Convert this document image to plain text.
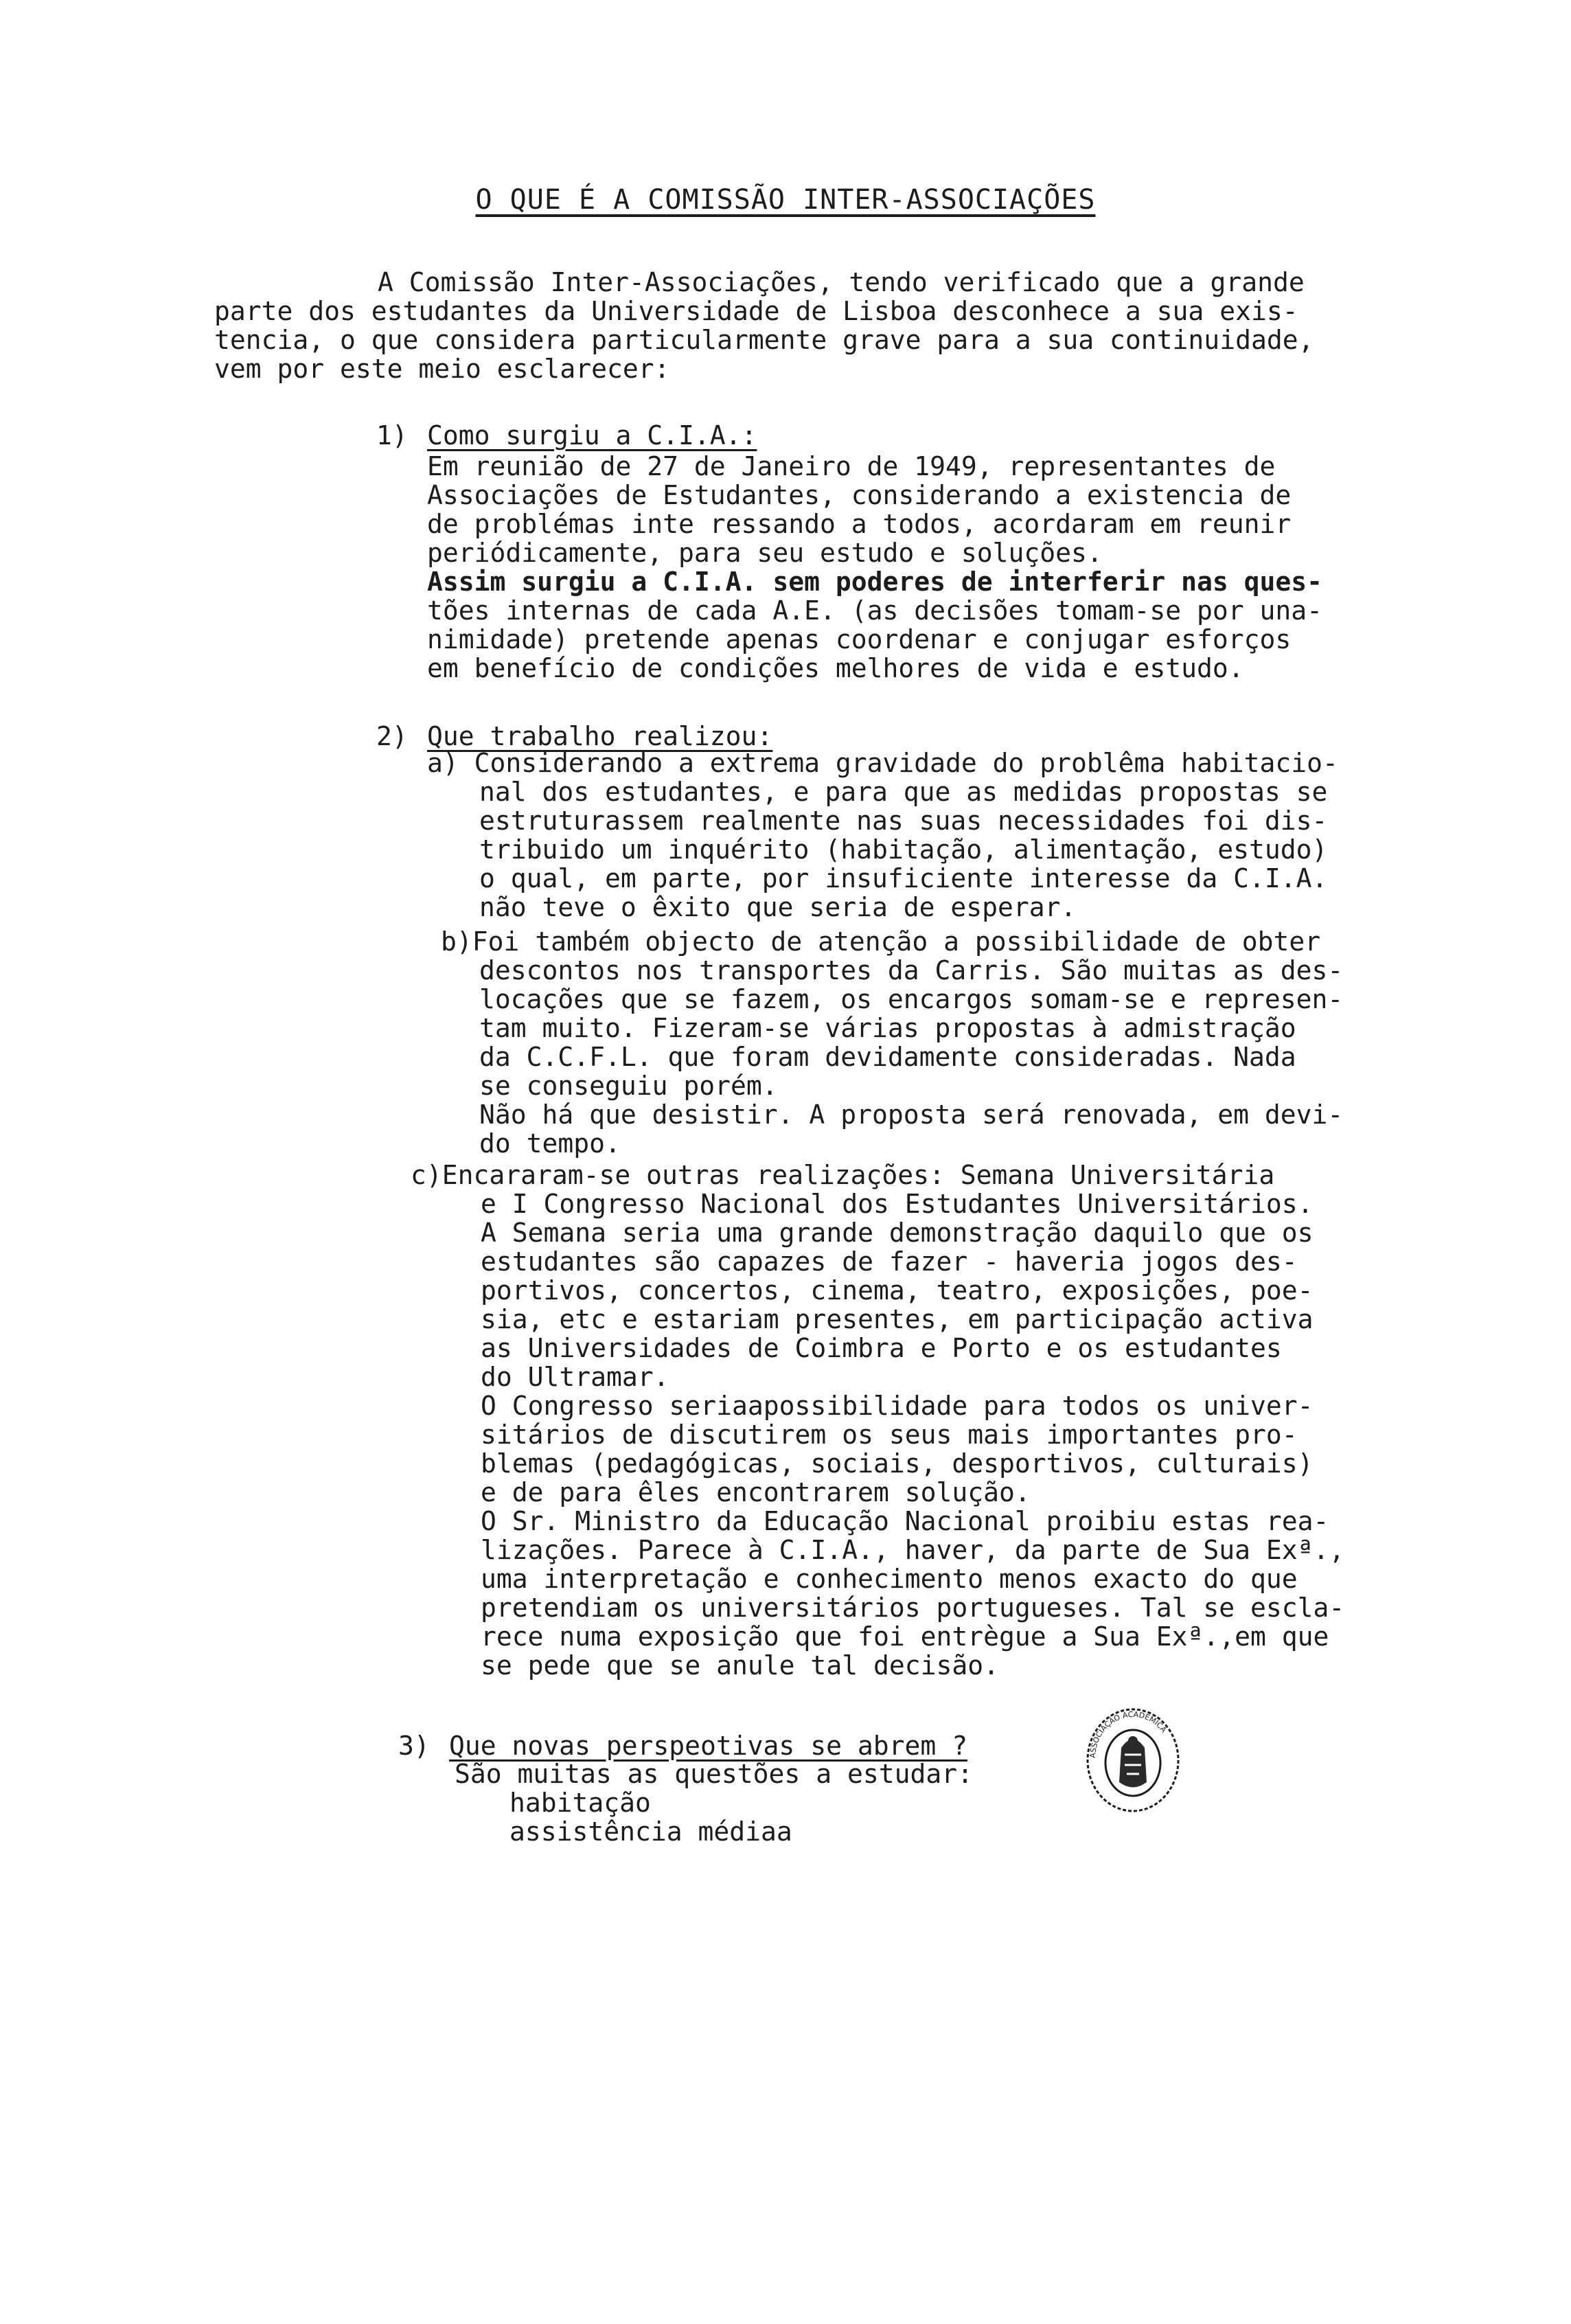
O QUE É A COMISSÃO INTER-ASSOCIAÇÕES
A Comissão Inter-Associações, tendo verificado que a grande
parte dos estudantes da Universidade de Lisboa desconhece a sua exis-
tencia, o que considera particularmente grave para a sua continuidade,
vem por este meio esclarecer:
1) Como surgiu a C.I.A.:
Em reunião de 27 de Janeiro de 1949, representantes de
Associações de Estudantes, considerando a existencia de
de problémas inte ressando a todos, acordaram em reunir
periódicamente, para seu estudo e soluções.
Assim surgiu a C.I.A. sem poderes de interferir nas ques-
tões internas de cada A.E. (as decisões tomam-se por una-
nimidade) pretende apenas coordenar e conjugar esforços
em benefício de condições melhores de vida e estudo.
2) Que trabalho realizou:
a) Considerando a extrema gravidade do problêma habitacio-
nal dos estudantes, e para que as medidas propostas se
estruturassem realmente nas suas necessidades foi dis-
tribuido um inquérito (habitação, alimentação, estudo)
o qual, em parte, por insuficiente interesse da C.I.A.
não teve o êxito que seria de esperar.
b)Foi também objecto de atenção a possibilidade de obter
descontos nos transportes da Carris. São muitas as des-
locações que se fazem, os encargos somam-se e represen-
tam muito. Fizeram-se várias propostas à admistração
da C.C.F.L. que foram devidamente consideradas. Nada
se conseguiu porém.
Não há que desistir. A proposta será renovada, em devi-
do tempo.
c)Encararam-se outras realizações: Semana Universitária
e I Congresso Nacional dos Estudantes Universitários.
A Semana seria uma grande demonstração daquilo que os
estudantes são capazes de fazer - haveria jogos des-
portivos, concertos, cinema, teatro, exposições, poe-
sia, etc e estariam presentes, em participação activa
as Universidades de Coimbra e Porto e os estudantes
do Ultramar.
O Congresso seriaapossibilidade para todos os univer-
sitários de discutirem os seus mais importantes pro-
blemas (pedagógicas, sociais, desportivos, culturais)
e de para êles encontrarem solução.
O Sr. Ministro da Educação Nacional proibiu estas rea-
lizações. Parece à C.I.A., haver, da parte de Sua Exª.,
uma interpretação e conhecimento menos exacto do que
pretendiam os universitários portugueses. Tal se escla-
rece numa exposição que foi entrègue a Sua Exª.,em que
se pede que se anule tal decisão.
3) Que novas perspeotivas se abrem ?
São muitas as questões a estudar:
habitação
assistência médiaa
ASSOCIAÇÃO ACADÉMICA
